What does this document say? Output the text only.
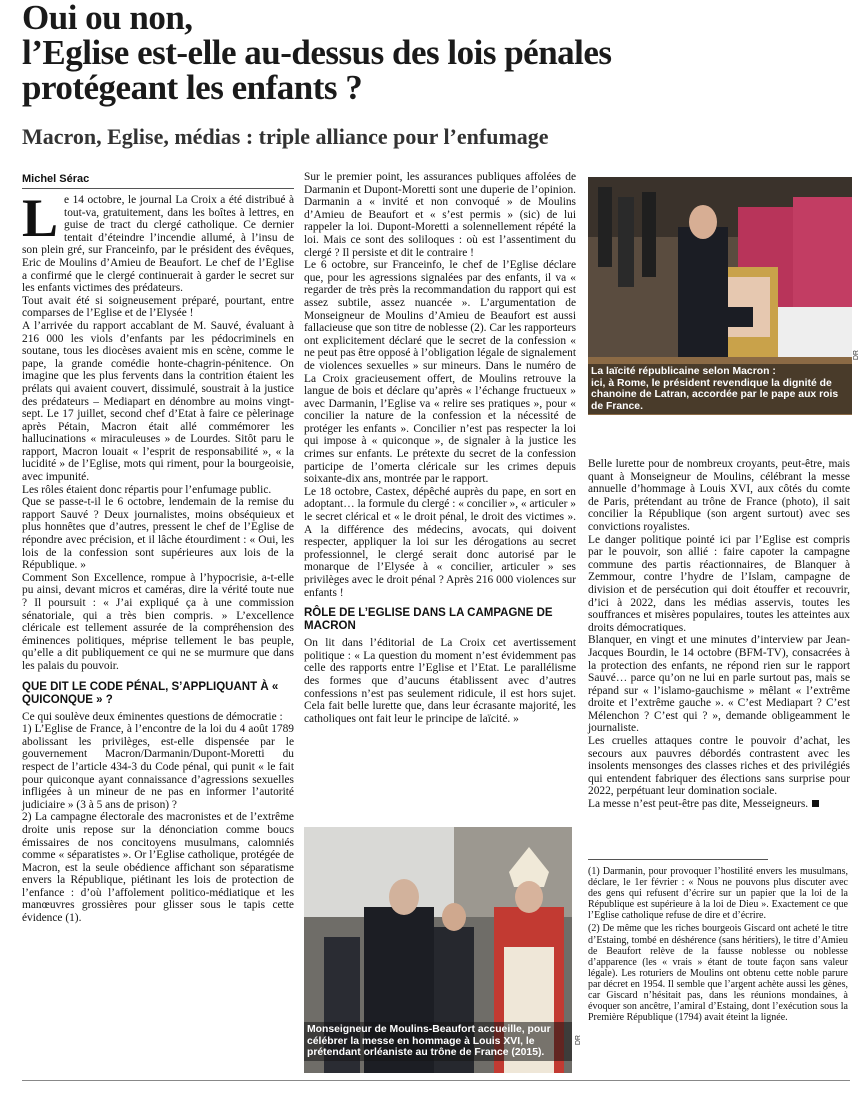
Oui ou non,
l’Eglise est-elle au-dessus des lois pénales
protégeant les enfants ?
Macron, Eglise, médias : triple alliance pour l’enfumage
Michel Sérac

Le 14 octobre, le journal La Croix a été distribué à tout-va, gratuitement, dans les boîtes à lettres, en guise de tract du clergé catholique. Ce dernier tentait d’éteindre l’incendie allumé, à l’insu de son plein gré, sur Franceinfo, par le président des évêques, Eric de Moulins d’Amieu de Beaufort. Le chef de l’Eglise a confirmé que le clergé continuerait à garder le secret sur les enfants victimes des prédateurs.

Tout avait été si soigneusement préparé, pourtant, entre comparses de l’Eglise et de l’Elysée !

A l’arrivée du rapport accablant de M. Sauvé, évaluant à 216 000 les viols d’enfants par les pédocriminels en soutane, tous les diocèses avaient mis en scène, comme le pape, la grande comédie honte-chagrin-pénitence. On imagine que les plus fervents dans la contrition étaient les prélats qui avaient couvert, dissimulé, soustrait à la justice des prédateurs – Mediapart en dénombre au moins vingt-sept. Le 17 juillet, second chef d’Etat à faire ce pèlerinage après Pétain, Macron était allé commémorer les hallucinations « miraculeuses » de Lourdes. Sitôt paru le rapport, Macron louait « l’esprit de responsabilité », « la lucidité » de l’Eglise, mots qui riment, pour la bourgeoisie, avec impunité.

Les rôles étaient donc répartis pour l’enfumage public.

Que se passe-t-il le 6 octobre, lendemain de la remise du rapport Sauvé ? Deux journalistes, moins obséquieux et plus honnêtes que d’autres, pressent le chef de l’Eglise de répondre avec précision, et il lâche étourdiment : « Oui, les lois de la confession sont supérieures aux lois de la République. »

Comment Son Excellence, rompue à l’hypocrisie, a-t-elle pu ainsi, devant micros et caméras, dire la vérité toute nue ? Il poursuit : « J’ai expliqué ça à une commission sénatoriale, qui a très bien compris. » L’excellence cléricale est tellement assurée de la compréhension des éminences politiques, méprise tellement le bas peuple, qu’elle a dit publiquement ce qui ne se murmure que dans les palais du pouvoir.

QUE DIT LE CODE PÉNAL, S’APPLIQUANT À « QUICONQUE » ?

Ce qui soulève deux éminentes questions de démocratie :

1) L’Eglise de France, à l’encontre de la loi du 4 août 1789 abolissant les privilèges, est-elle dispensée par le gouvernement Macron/Darmanin/Dupont-Moretti du respect de l’article 434-3 du Code pénal, qui punit « le fait pour quiconque ayant connaissance d’agressions sexuelles infligées à un mineur de ne pas en informer l’autorité judiciaire » (3 à 5 ans de prison) ?

2) La campagne électorale des macronistes et de l’extrême droite unis repose sur la dénonciation comme boucs émissaires de nos concitoyens musulmans, calomniés comme « séparatistes ». Or l’Eglise catholique, protégée de Macron, est la seule obédience affichant son séparatisme envers la République, piétinant les lois de protection de l’enfance : d’où l’affolement politico-médiatique et les manœuvres grossières pour glisser sous le tapis cette évidence (1).

Sur le premier point, les assurances publiques affolées de Darmanin et Dupont-Moretti sont une duperie de l’opinion. Darmanin a « invité et non convoqué » de Moulins d’Amieu de Beaufort et « s’est permis » (sic) de lui rappeler la loi. Dupont-Moretti a solennellement répété la loi. Mais ce sont des soliloques : où est l’assentiment du clergé ? Il persiste et dit le contraire !

Le 6 octobre, sur Franceinfo, le chef de l’Eglise déclare que, pour les agressions signalées par des enfants, il va « regarder de très près la recommandation du rapport qui est assez subtile, assez nuancée ». L’argumentation de Monseigneur de Moulins d’Amieu de Beaufort est aussi fallacieuse que son titre de noblesse (2). Car les rapporteurs ont explicitement déclaré que le secret de la confession « ne peut pas être opposé à l’obligation légale de signalement de violences sexuelles » sur mineurs. Dans le numéro de La Croix gracieusement offert, de Moulins retrouve la langue de bois et déclare qu’après « l’échange fructueux » avec Darmanin, l’Eglise va « relire ses pratiques », pour « concilier la nature de la confession et la nécessité de protéger les enfants ». Concilier n’est pas respecter la loi qui impose à « quiconque », de signaler à la justice les crimes sur enfants. Le prétexte du secret de la confession participe de l’omerta cléricale sur les crimes depuis soixante-dix ans, montrée par le rapport.

Le 18 octobre, Castex, dépêché auprès du pape, en sort en adoptant… la formule du clergé : « concilier », « articuler » le secret clérical et « le droit pénal, le droit des victimes ». A la différence des médecins, avocats, qui doivent respecter, appliquer la loi sur les dérogations au secret professionnel, le clergé serait donc autorisé par le monarque de l’Elysée à « concilier, articuler » ses privilèges avec le droit pénal ? Après 216 000 violences sur enfants !

RÔLE DE L’EGLISE DANS LA CAMPAGNE DE MACRON

On lit dans l’éditorial de La Croix cet avertissement politique : « La question du moment n’est évidemment pas celle des rapports entre l’Eglise et l’Etat. Le parallélisme des formes que d’aucuns établissent avec d’autres confessions n’est pas seulement ridicule, il est hors sujet. Cela fait belle lurette que, dans leur écrasante majorité, les catholiques ont fait leur le principe de laïcité. »

La laïcité républicaine selon Macron :
ici, à Rome, le président revendique la dignité de chanoine de Latran, accordée par le pape aux rois de France.
DR

Belle lurette pour de nombreux croyants, peut-être, mais quant à Monseigneur de Moulins, célébrant la messe annuelle d’hommage à Louis XVI, aux côtés du comte de Paris, prétendant au trône de France (photo), il sait concilier la République (son argent surtout) avec ses convictions royalistes.

Le danger politique pointé ici par l’Eglise est compris par le pouvoir, son allié : faire capoter la campagne commune des partis réactionnaires, de Blanquer à Zemmour, contre l’hydre de l’Islam, campagne de division et de persécution qui doit étouffer et recouvrir, d’ici à 2022, dans les médias asservis, toutes les souffrances et misères populaires, toutes les atteintes aux droits démocratiques.

Blanquer, en vingt et une minutes d’interview par Jean-Jacques Bourdin, le 14 octobre (BFM-TV), consacrées à la protection des enfants, ne répond rien sur le rapport Sauvé… parce qu’on ne lui en parle surtout pas, mais se répand sur « l’islamo-gauchisme » mêlant « l’extrême droite et l’extrême gauche ». « C’est Mediapart ? C’est Mélenchon ? C’est qui ? », demande obligeamment le journaliste.

Les cruelles attaques contre le pouvoir d’achat, les secours aux pauvres débordés contrastent avec les insolents mensonges des classes riches et des privilégiés qui entendent fabriquer des élections sans surprise pour 2022, perpétuant leur domination sociale.

La messe n’est peut-être pas dite, Messeigneurs.

Monseigneur de Moulins-Beaufort accueille, pour célébrer la messe en hommage à Louis XVI, le prétendant orléaniste au trône de France (2015).
DR

(1) Darmanin, pour provoquer l’hostilité envers les musulmans, déclare, le 1er février : « Nous ne pouvons plus discuter avec des gens qui refusent d’écrire sur un papier que la loi de la République est supérieure à la loi de Dieu ». Exactement ce que l’Eglise catholique refuse de dire et d’écrire.

(2) De même que les riches bourgeois Giscard ont acheté le titre d’Estaing, tombé en déshérence (sans héritiers), le titre d’Amieu de Beaufort relève de la fausse noblesse ou noblesse d’apparence (les « vrais » étant de toute façon sans valeur légale). Les roturiers de Moulins ont obtenu cette noble parure par décret en 1954. Il semble que l’argent achète aussi les gènes, car Giscard n’hésitait pas, dans les réunions mondaines, à évoquer son ancêtre, l’amiral d’Estaing, dont l’exécution sous la Première République (1794) avait éteint la lignée.
